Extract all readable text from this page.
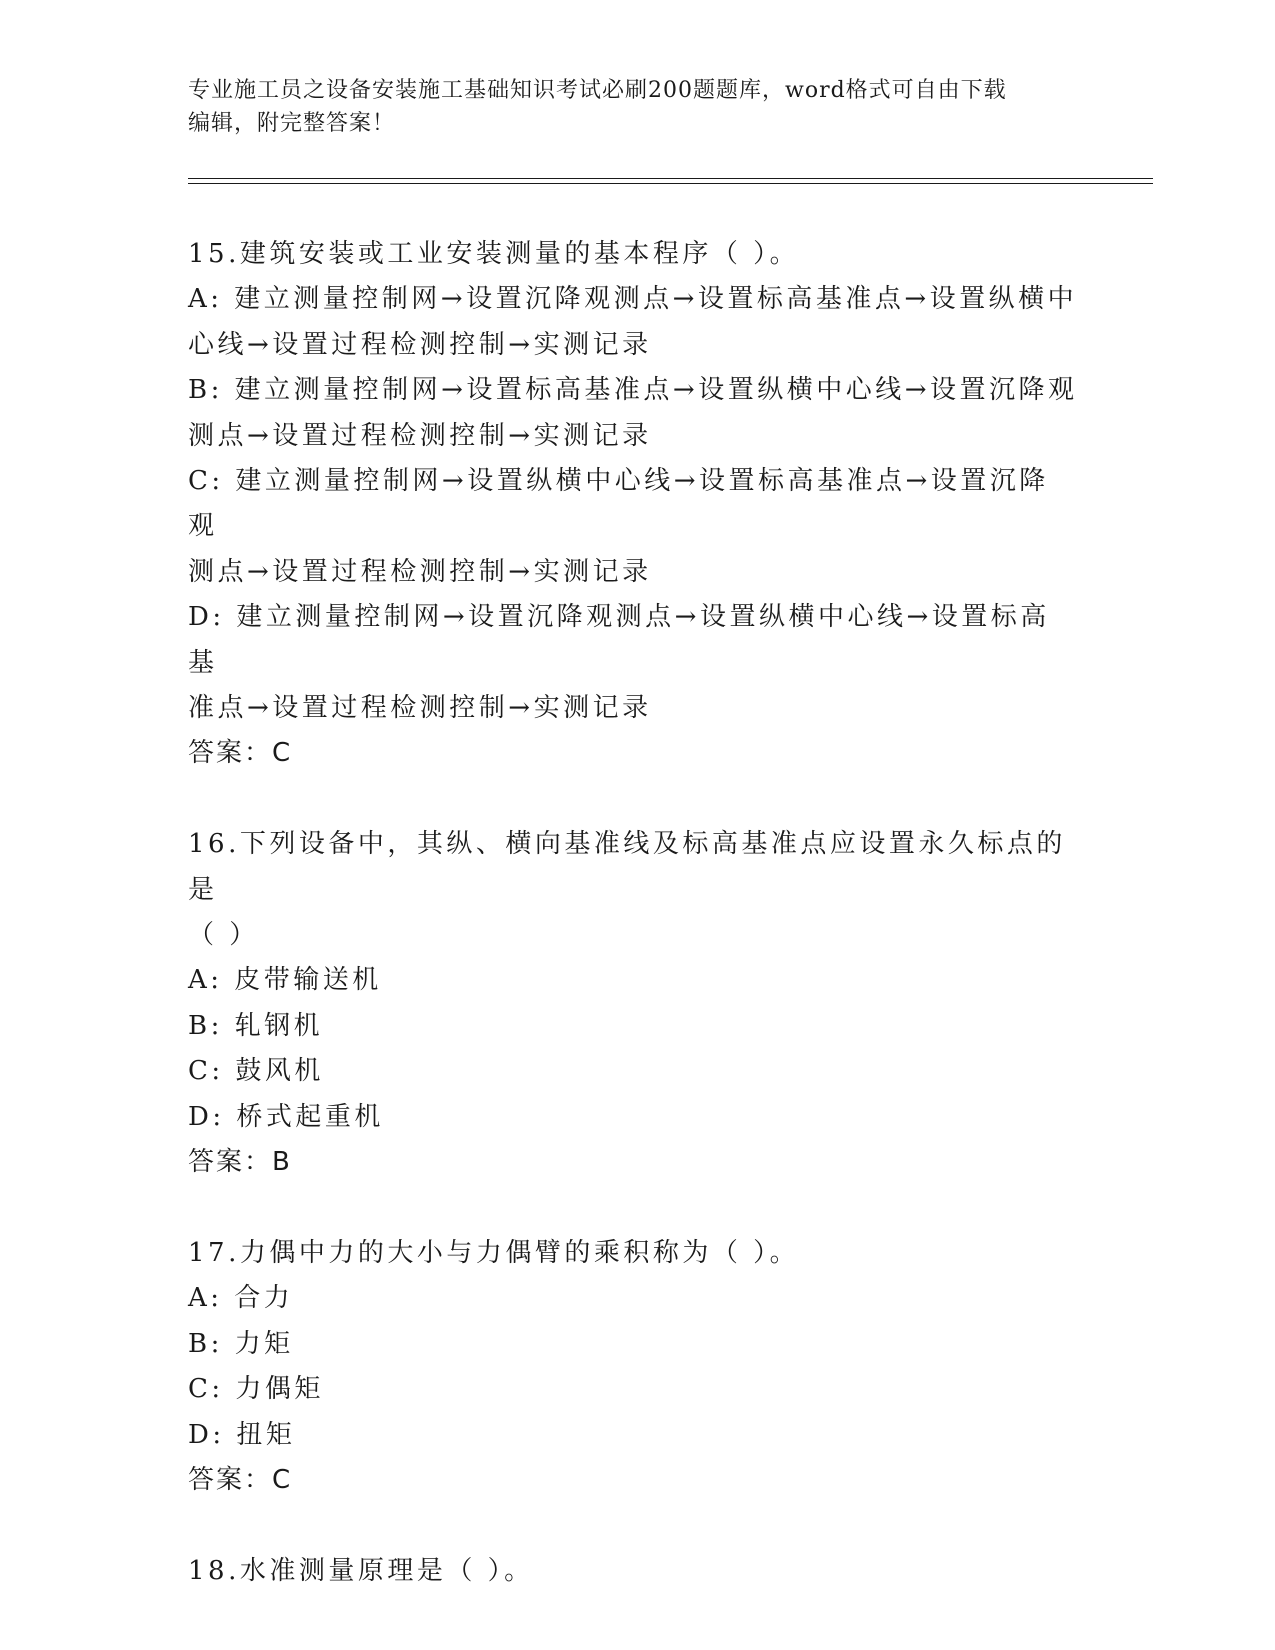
专业施工员之设备安装施工基础知识考试必刷200题题库，word格式可自由下载
编辑，附完整答案！
15.建筑安装或工业安装测量的基本程序（ ）。
A: 建立测量控制网→设置沉降观测点→设置标高基准点→设置纵横中
心线→设置过程检测控制→实测记录
B: 建立测量控制网→设置标高基准点→设置纵横中心线→设置沉降观
测点→设置过程检测控制→实测记录
C: 建立测量控制网→设置纵横中心线→设置标高基准点→设置沉降观
测点→设置过程检测控制→实测记录
D: 建立测量控制网→设置沉降观测点→设置纵横中心线→设置标高基
准点→设置过程检测控制→实测记录
答案：C
16.下列设备中，其纵、横向基准线及标高基准点应设置永久标点的是
（ ）
A: 皮带输送机
B: 轧钢机
C: 鼓风机
D: 桥式起重机
答案：B
17.力偶中力的大小与力偶臂的乘积称为（ ）。
A: 合力
B: 力矩
C: 力偶矩
D: 扭矩
答案：C
18.水准测量原理是（ ）。
